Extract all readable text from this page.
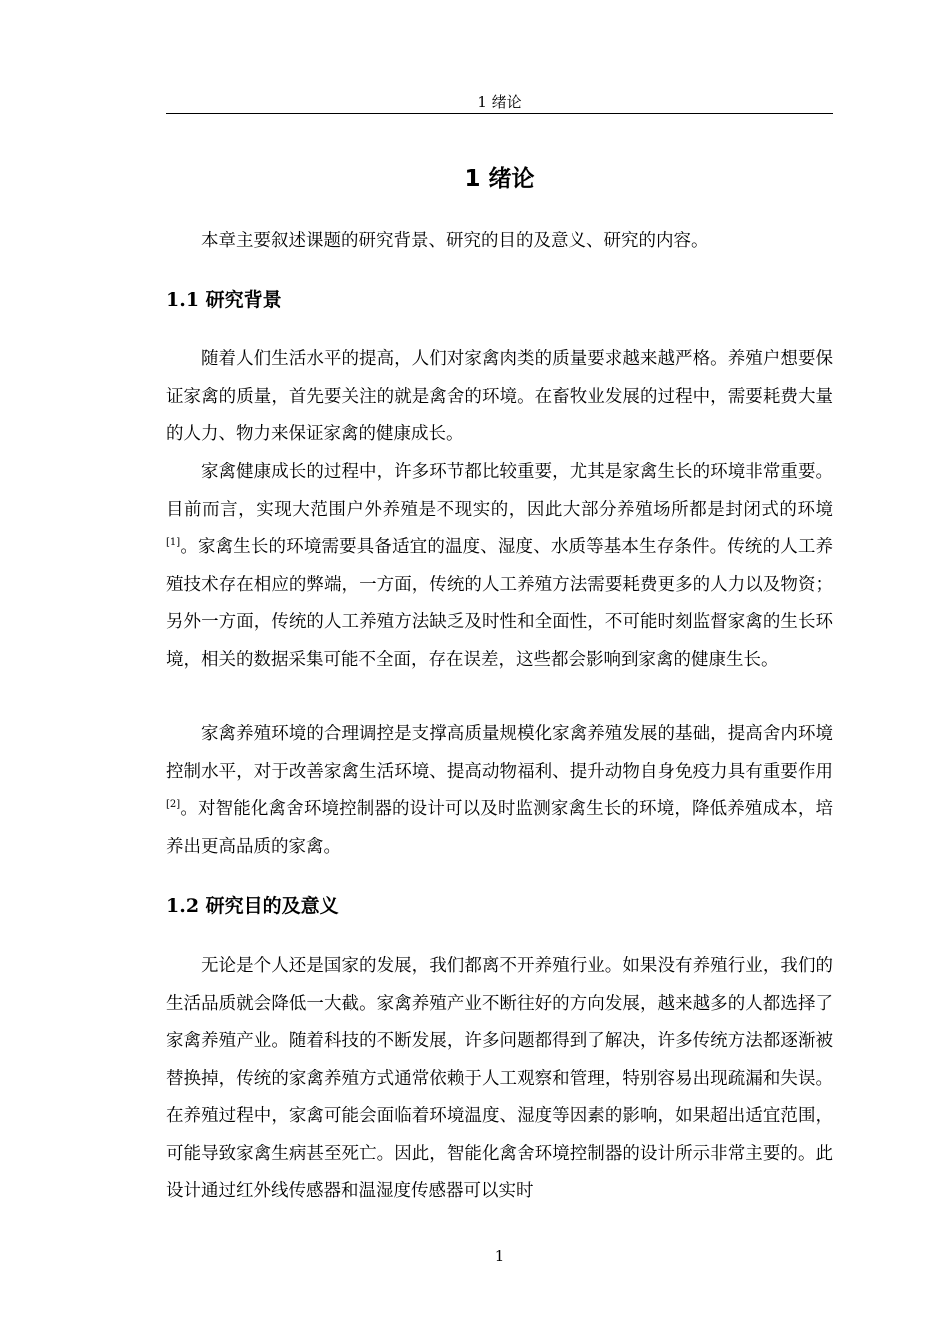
1 绪论
1 绪论

本章主要叙述课题的研究背景、研究的目的及意义、研究的内容。

1.1 研究背景

随着人们生活水平的提高，人们对家禽肉类的质量要求越来越严格。养殖户想要保证家禽的质量，首先要关注的就是禽舍的环境。在畜牧业发展的过程中，需要耗费大量的人力、物力来保证家禽的健康成长。

家禽健康成长的过程中，许多环节都比较重要，尤其是家禽生长的环境非常重要。目前而言，实现大范围户外养殖是不现实的，因此大部分养殖场所都是封闭式的环境[1]。家禽生长的环境需要具备适宜的温度、湿度、水质等基本生存条件。传统的人工养殖技术存在相应的弊端，一方面，传统的人工养殖方法需要耗费更多的人力以及物资；另外一方面，传统的人工养殖方法缺乏及时性和全面性，不可能时刻监督家禽的生长环境，相关的数据采集可能不全面，存在误差，这些都会影响到家禽的健康生长。

家禽养殖环境的合理调控是支撑高质量规模化家禽养殖发展的基础，提高舍内环境控制水平，对于改善家禽生活环境、提高动物福利、提升动物自身免疫力具有重要作用[2]。对智能化禽舍环境控制器的设计可以及时监测家禽生长的环境，降低养殖成本，培养出更高品质的家禽。

1.2 研究目的及意义

无论是个人还是国家的发展，我们都离不开养殖行业。如果没有养殖行业，我们的生活品质就会降低一大截。家禽养殖产业不断往好的方向发展，越来越多的人都选择了家禽养殖产业。随着科技的不断发展，许多问题都得到了解决，许多传统方法都逐渐被替换掉，传统的家禽养殖方式通常依赖于人工观察和管理，特别容易出现疏漏和失误。在养殖过程中，家禽可能会面临着环境温度、湿度等因素的影响，如果超出适宜范围，可能导致家禽生病甚至死亡。因此，智能化禽舍环境控制器的设计所示非常主要的。此设计通过红外线传感器和温湿度传感器可以实时

1
